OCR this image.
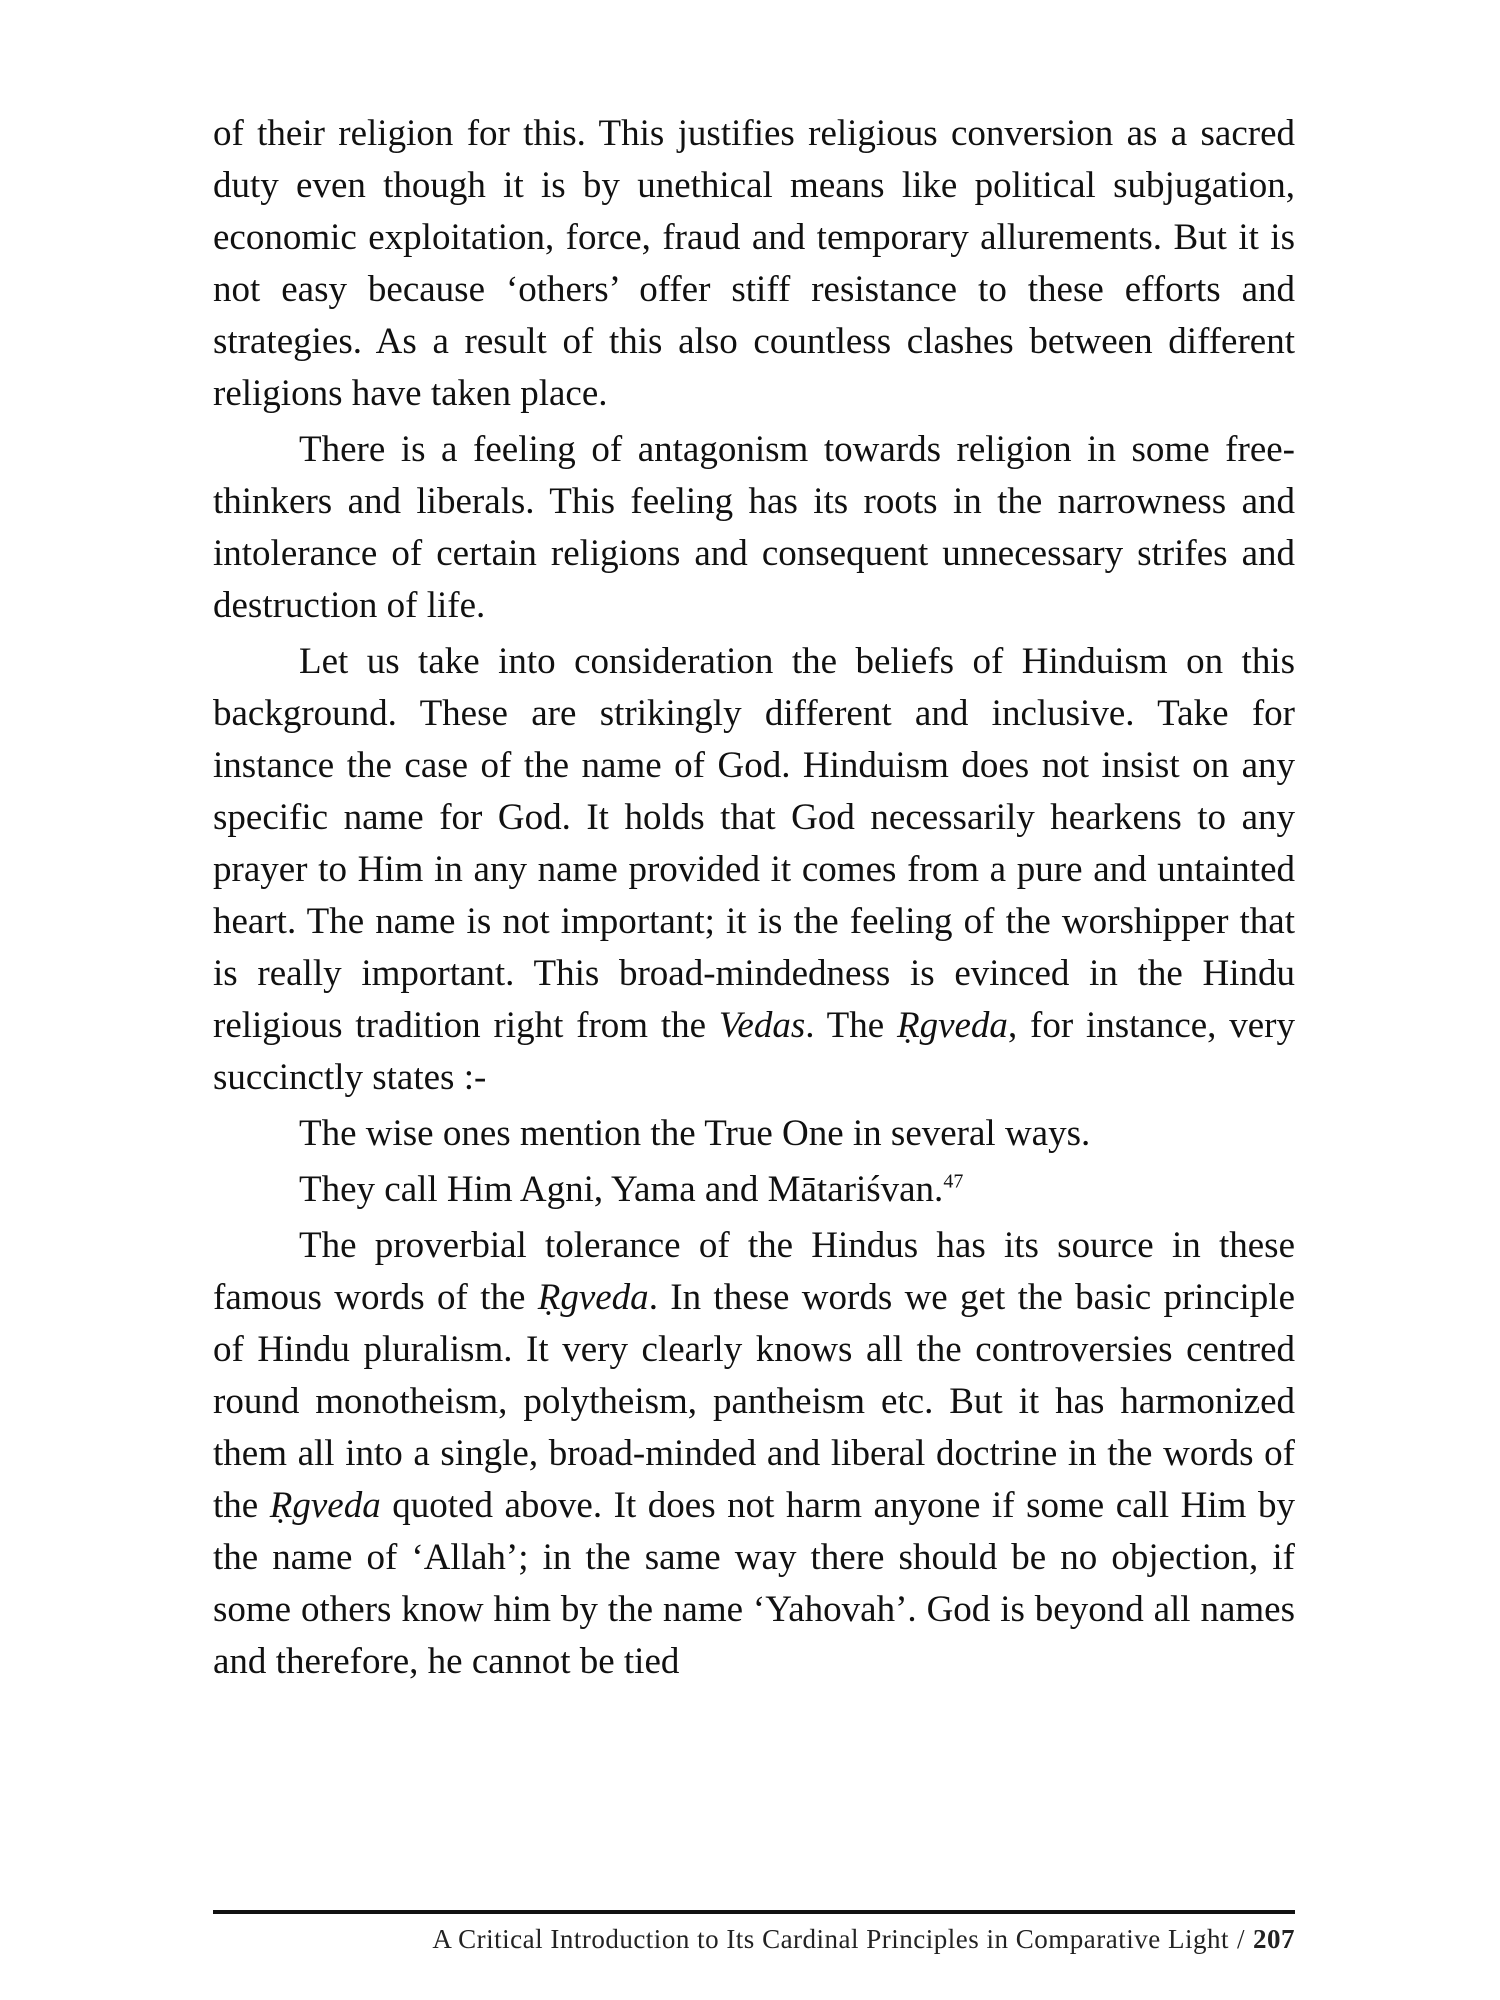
of their religion for this. This justifies religious conversion as a sacred duty even though it is by unethical means like political subjugation, economic exploitation, force, fraud and temporary allurements. But it is not easy because ‘others’ offer stiff resistance to these efforts and strategies. As a result of this also countless clashes between different religions have taken place.

There is a feeling of antagonism towards religion in some free-thinkers and liberals. This feeling has its roots in the narrowness and intolerance of certain religions and consequent unnecessary strifes and destruction of life.

Let us take into consideration the beliefs of Hinduism on this background. These are strikingly different and inclusive. Take for instance the case of the name of God. Hinduism does not insist on any specific name for God. It holds that God necessarily hearkens to any prayer to Him in any name provided it comes from a pure and untainted heart. The name is not important; it is the feeling of the worshipper that is really important. This broad-mindedness is evinced in the Hindu religious tradition right from the Vedas. The Ṛgveda, for instance, very succinctly states :-

The wise ones mention the True One in several ways.

They call Him Agni, Yama and Mātariśvan.$^{47}$

The proverbial tolerance of the Hindus has its source in these famous words of the Ṛgveda. In these words we get the basic principle of Hindu pluralism. It very clearly knows all the controversies centred round monotheism, polytheism, pantheism etc. But it has harmonized them all into a single, broad-minded and liberal doctrine in the words of the Ṛgveda quoted above. It does not harm anyone if some call Him by the name of ‘Allah’; in the same way there should be no objection, if some others know him by the name ‘Yahovah’. God is beyond all names and therefore, he cannot be tied

A Critical Introduction to Its Cardinal Principles in Comparative Light / 207
